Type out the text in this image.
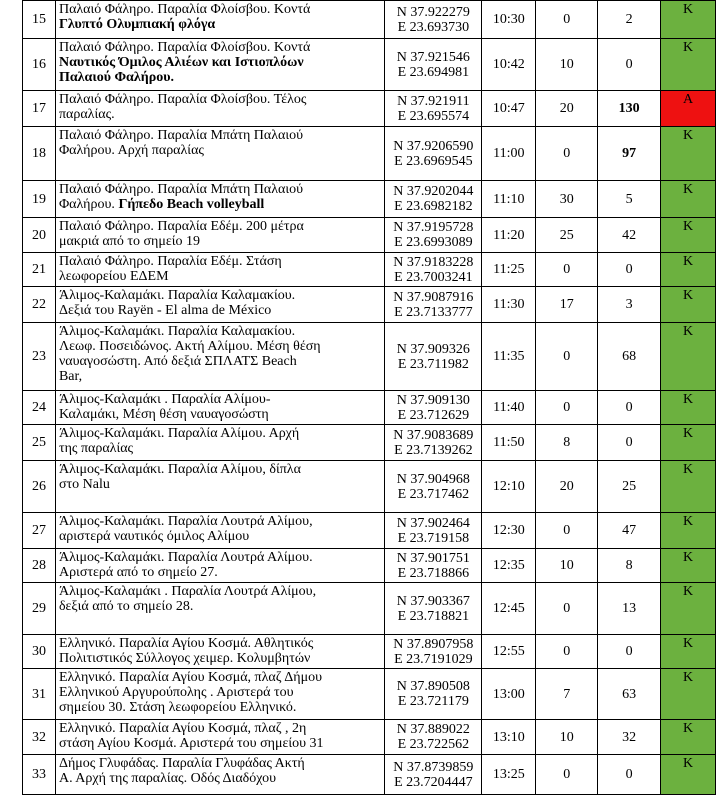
15	Παλαιό Φάληρο. Παραλία Φλοίσβου. Κοντά
Γλυπτό Ολυμπιακή φλόγα	N 37.922279
E 23.693730	10:30	0	2	K
16	Παλαιό Φάληρο. Παραλία Φλοίσβου. Κοντά
Ναυτικός Όμιλος Αλιέων και Ιστιοπλόων
Παλαιού Φαλήρου.	N 37.921546
E 23.694981	10:42	10	0	K
17	Παλαιό Φάληρο. Παραλία Φλοίσβου. Τέλος
παραλίας.	N 37.921911
E 23.695574	10:47	20	130	A
18	Παλαιό Φάληρο. Παραλία Μπάτη Παλαιού
Φαλήρου. Αρχή παραλίας	N 37.9206590
E 23.6969545	11:00	0	97	K
19	Παλαιό Φάληρο. Παραλία Μπάτη Παλαιού
Φαλήρου. Γήπεδο Beach volleyball	N 37.9202044
E 23.6982182	11:10	30	5	K
20	Παλαιό Φάληρο. Παραλία Εδέμ. 200 μέτρα
μακριά από το σημείο 19	N 37.9195728
E 23.6993089	11:20	25	42	K
21	Παλαιό Φάληρο. Παραλία Εδέμ. Στάση
λεωφορείου ΕΔΕΜ	N 37.9183228
E 23.7003241	11:25	0	0	K
22	Άλιμος-Καλαμάκι. Παραλία Καλαμακίου.
Δεξιά του Rayën - El alma de México	N 37.9087916
E 23.7133777	11:30	17	3	K
23	Άλιμος-Καλαμάκι. Παραλία Καλαμακίου.
Λεωφ. Ποσειδώνος. Ακτή Αλίμου. Μέση θέση
ναυαγοσώστη. Από δεξιά ΣΠΛΑΤΣ Beach
Bar,	N 37.909326
E 23.711982	11:35	0	68	K
24	Άλιμος-Καλαμάκι . Παραλία Αλίμου-
Καλαμάκι, Μέση θέση ναυαγοσώστη	N 37.909130
E 23.712629	11:40	0	0	K
25	Άλιμος-Καλαμάκι. Παραλία Αλίμου. Αρχή
της παραλίας	N 37.9083689
E 23.7139262	11:50	8	0	K
26	Άλιμος-Καλαμάκι. Παραλία Αλίμου, δίπλα
στο Nalu	N 37.904968
E 23.717462	12:10	20	25	K
27	Άλιμος-Καλαμάκι. Παραλία Λουτρά Αλίμου,
αριστερά ναυτικός όμιλος Αλίμου	N 37.902464
E 23.719158	12:30	0	47	K
28	Άλιμος-Καλαμάκι. Παραλία Λουτρά Αλίμου.
Αριστερά από το σημείο 27.	N 37.901751
E 23.718866	12:35	10	8	K
29	Άλιμος-Καλαμάκι . Παραλία Λουτρά Αλίμου,
δεξιά από το σημείο 28.	N 37.903367
E 23.718821	12:45	0	13	K
30	Ελληνικό. Παραλία Αγίου Κοσμά. Αθλητικός
Πολιτιστικός Σύλλογος χειμερ. Κολυμβητών	N 37.8907958
E 23.7191029	12:55	0	0	K
31	Ελληνικό. Παραλία Αγίου Κοσμά, πλαζ Δήμου
Ελληνικού Αργυρούπολης . Αριστερά του
σημείου 30. Στάση λεωφορείου Ελληνικό.	N 37.890508
E 23.721179	13:00	7	63	K
32	Ελληνικό. Παραλία Αγίου Κοσμά, πλαζ , 2η
στάση Αγίου Κοσμά. Αριστερά του σημείου 31	N 37.889022
E 23.722562	13:10	10	32	K
33	Δήμος Γλυφάδας. Παραλία Γλυφάδας Ακτή
Α. Αρχή της παραλίας. Οδός Διαδόχου	N 37.8739859
E 23.7204447	13:25	0	0	K
